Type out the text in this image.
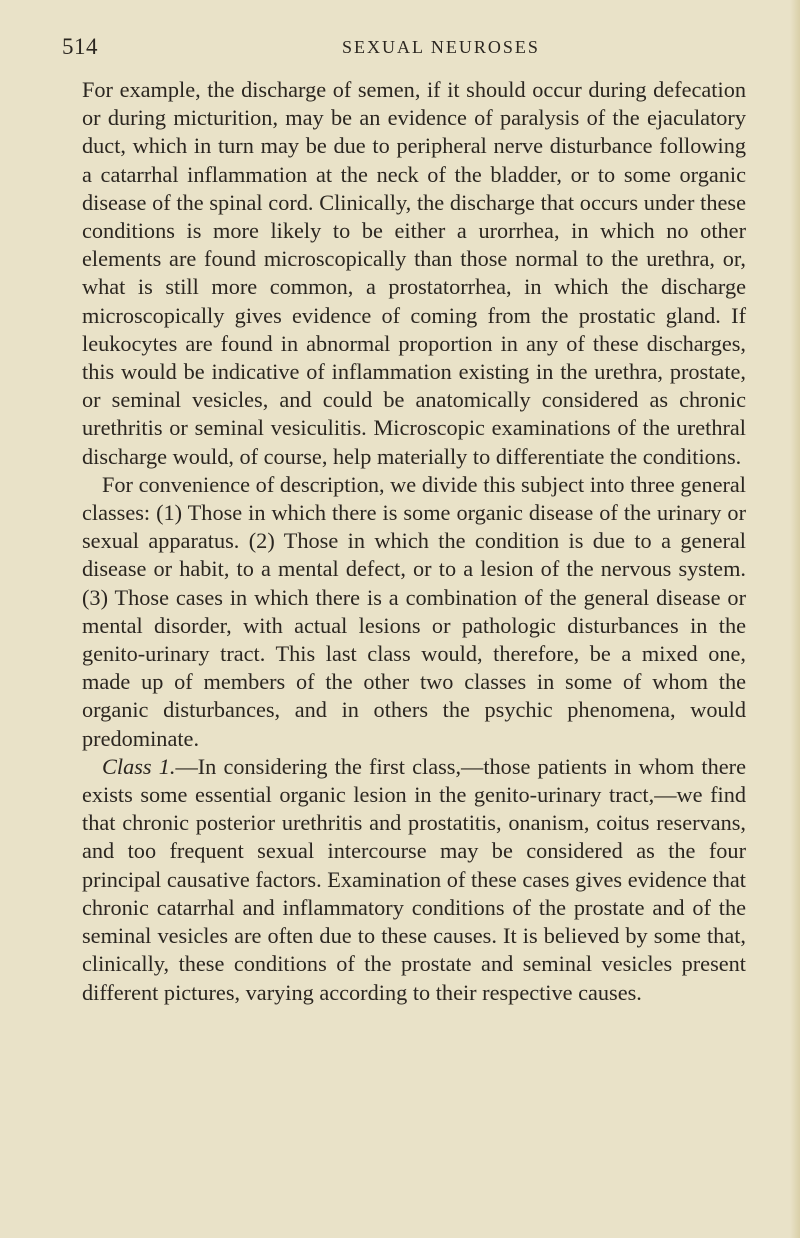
514	SEXUAL NEUROSES

For example, the discharge of semen, if it should occur during defecation or during micturition, may be an evidence of paralysis of the ejaculatory duct, which in turn may be due to peripheral nerve disturbance following a catarrhal inflammation at the neck of the bladder, or to some organic disease of the spinal cord. Clinically, the discharge that occurs under these conditions is more likely to be either a urorrhea, in which no other elements are found microscopically than those normal to the urethra, or, what is still more common, a prostatorrhea, in which the discharge microscopically gives evidence of coming from the prostatic gland. If leukocytes are found in abnormal proportion in any of these discharges, this would be indicative of inflammation existing in the urethra, prostate, or seminal vesicles, and could be anatomically considered as chronic urethritis or seminal vesiculitis. Microscopic examinations of the urethral discharge would, of course, help materially to differentiate the conditions.

For convenience of description, we divide this subject into three general classes: (1) Those in which there is some organic disease of the urinary or sexual apparatus. (2) Those in which the condition is due to a general disease or habit, to a mental defect, or to a lesion of the nervous system. (3) Those cases in which there is a combination of the general disease or mental disorder, with actual lesions or pathologic disturbances in the genito-urinary tract. This last class would, therefore, be a mixed one, made up of members of the other two classes in some of whom the organic disturbances, and in others the psychic phenomena, would predominate.

Class 1.—In considering the first class,—those patients in whom there exists some essential organic lesion in the genito-urinary tract,—we find that chronic posterior urethritis and prostatitis, onanism, coitus reservans, and too frequent sexual intercourse may be considered as the four principal causative factors. Examination of these cases gives evidence that chronic catarrhal and inflammatory conditions of the prostate and of the seminal vesicles are often due to these causes. It is believed by some that, clinically, these conditions of the prostate and seminal vesicles present different pictures, varying according to their respective causes.
